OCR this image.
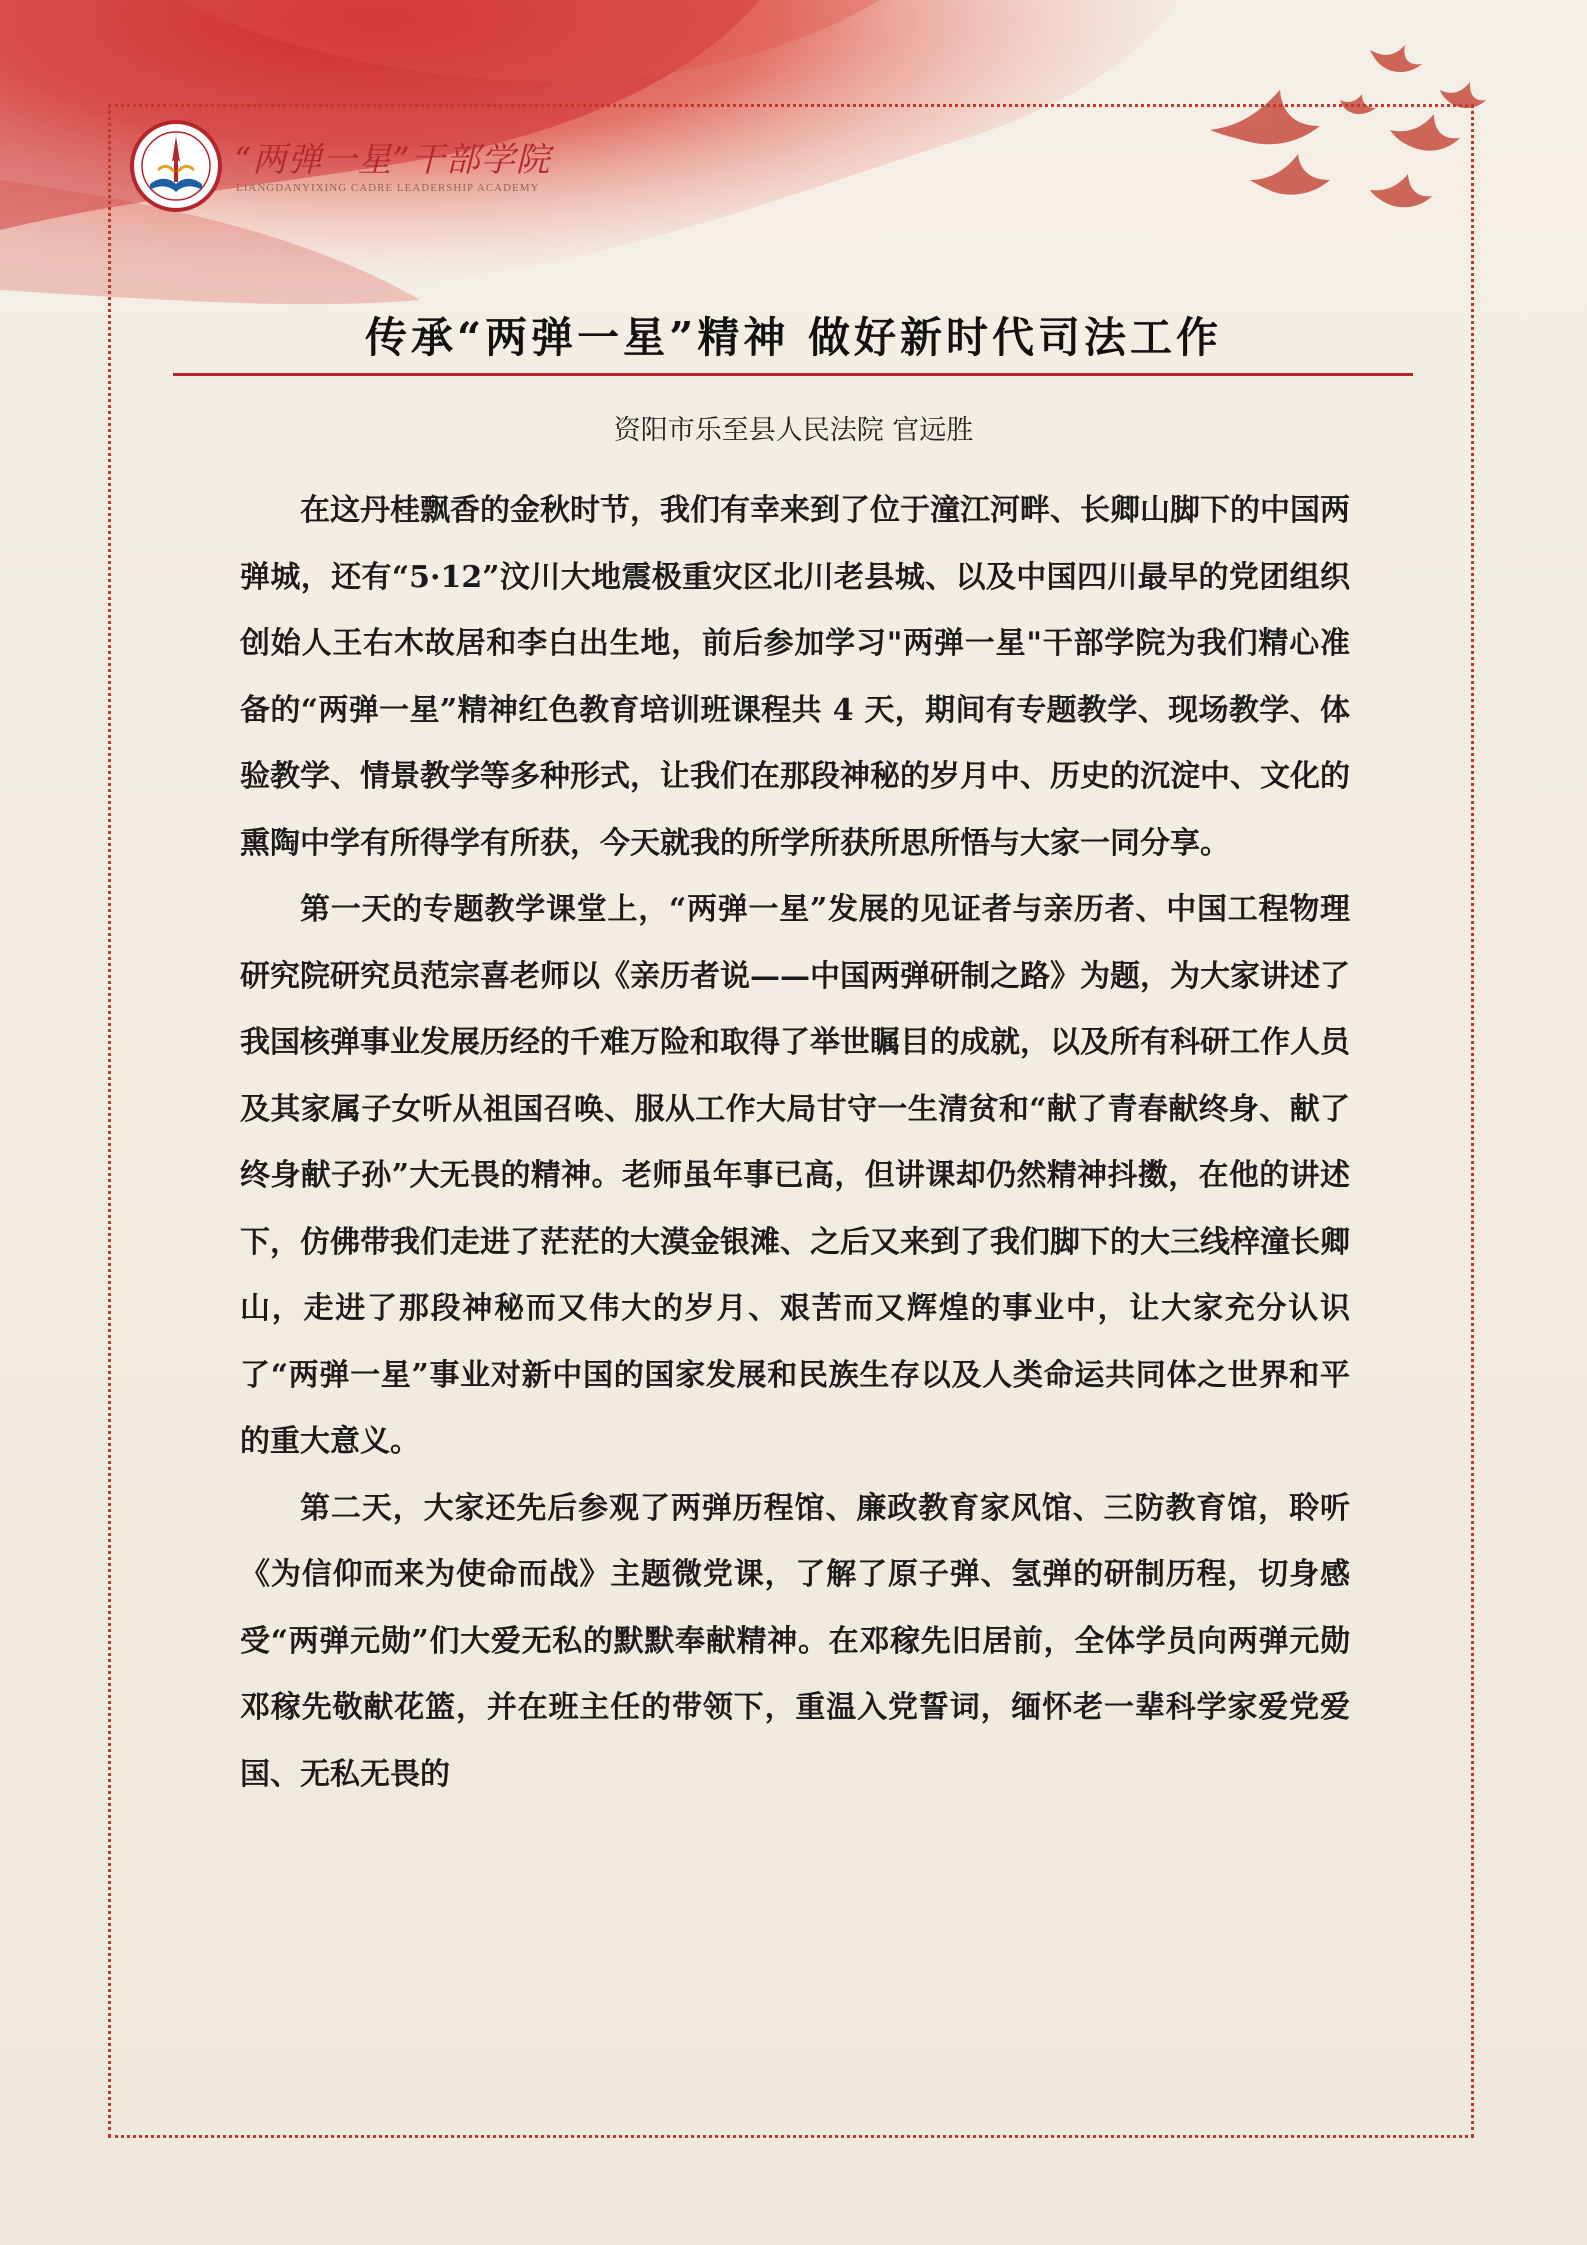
“两弹一星”干部学院
LIANGDANYIXING CADRE LEADERSHIP ACADEMY
传承“两弹一星”精神 做好新时代司法工作
资阳市乐至县人民法院 官远胜

在这丹桂飘香的金秋时节，我们有幸来到了位于潼江河畔、长卿山脚下的中国两弹城，还有“5·12”汶川大地震极重灾区北川老县城、以及中国四川最早的党团组织创始人王右木故居和李白出生地，前后参加学习"两弹一星"干部学院为我们精心准备的“两弹一星”精神红色教育培训班课程共 4 天，期间有专题教学、现场教学、体验教学、情景教学等多种形式，让我们在那段神秘的岁月中、历史的沉淀中、文化的熏陶中学有所得学有所获，今天就我的所学所获所思所悟与大家一同分享。

第一天的专题教学课堂上，“两弹一星”发展的见证者与亲历者、中国工程物理研究院研究员范宗喜老师以《亲历者说——中国两弹研制之路》为题，为大家讲述了我国核弹事业发展历经的千难万险和取得了举世瞩目的成就，以及所有科研工作人员及其家属子女听从祖国召唤、服从工作大局甘守一生清贫和“献了青春献终身、献了终身献子孙”大无畏的精神。老师虽年事已高，但讲课却仍然精神抖擞，在他的讲述下，仿佛带我们走进了茫茫的大漠金银滩、之后又来到了我们脚下的大三线梓潼长卿山，走进了那段神秘而又伟大的岁月、艰苦而又辉煌的事业中，让大家充分认识了“两弹一星”事业对新中国的国家发展和民族生存以及人类命运共同体之世界和平的重大意义。

第二天，大家还先后参观了两弹历程馆、廉政教育家风馆、三防教育馆，聆听《为信仰而来为使命而战》主题微党课，了解了原子弹、氢弹的研制历程，切身感受“两弹元勋”们大爱无私的默默奉献精神。在邓稼先旧居前，全体学员向两弹元勋邓稼先敬献花篮，并在班主任的带领下，重温入党誓词，缅怀老一辈科学家爱党爱国、无私无畏的
